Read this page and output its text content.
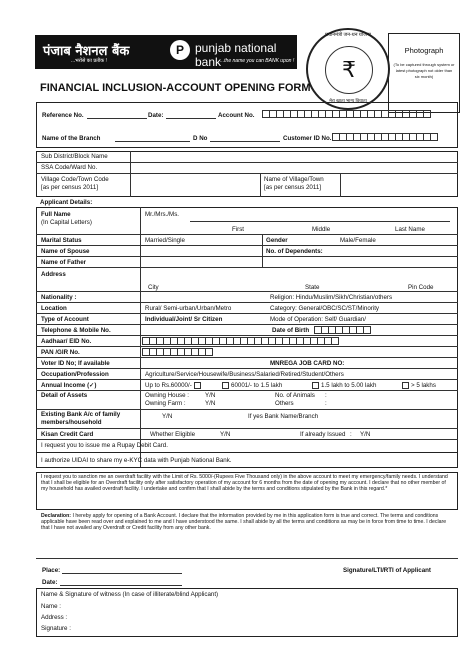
पंजाब नैशनल बैंक	P punjab national bank
...भरोसे का प्रतीक !	...the name you can BANK upon !
प्रधानमंत्री जन-धन योजना
₹
मेरा खाता भाग्य विधाता
Photograph
(To be captured through system or latest photograph not older than six month)
FINANCIAL INCLUSION-ACCOUNT OPENING FORM
Reference No.	Date:	Account No.
Name of the Branch	D No	Customer ID No.
Sub District/Block Name
SSA Code/Ward No.
Village Code/Town Code
[as per census 2011]
Name of Village/Town
[as per census 2011]
Applicant Details:
Full Name
(In Capital Letters)
Mr./Mrs./Ms.
First	Middle	Last Name
Marital Status	Married/Single	Gender	Male/Female
Name of Spouse	No. of Dependents:
Name of Father
Address
City	State	Pin Code
Nationality :	Religion: Hindu/Muslim/Sikh/Christian/others
Location	Rural/ Semi-urban/Urban/Metro	Category: General/OBC/SC/ST/Minority
Type of Account	Individual/Joint/ Sr Citizen	Mode of Operation: Self/ Guardian/
Telephone & Mobile No.	Date of Birth
Aadhaar/ EID No.
PAN /GIR No.
Voter ID No; If available	MNREGA JOB CARD NO:
Occupation/Profession	Agriculture/Service/Housewife/Business/Salaried/Retired/Student/Others
Annual Income (✓)	Up to Rs.60000/-	60001/- to 1.5 lakh	1.5 lakh to 5.00 lakh	> 5 lakhs
Detail of Assets	Owning House :	Y/N
Owning Farm :	Y/N
No. of Animals :
Others	:
Existing Bank A/c of family
members/household
Y/N	If yes Bank Name/Branch
Kisan Credit Card	Whether Eligible	Y/N	If already Issued : Y/N
I request you to issue me a Rupay Debit Card.
I authorize UIDAI to share my e-KYC data with Punjab National Bank.
I request you to sanction me an overdraft facility with the Limit of Rs. 5000/-(Rupees Five Thousand only) in the above account to meet my emergency/family needs. I understand that I shall be eligible for an Overdraft facility only after satisfactory operation of my account for 6 months from the date of opening my account. I declare that no other member of my household has availed overdraft facility. I undertake and confirm that I shall abide by the terms and conditions stipulated by the Bank in this regard.*
Declaration: I hereby apply for opening of a Bank Account. I declare that the information provided by me in this application form is true and correct. The terms and conditions applicable have been read over and explained to me and I have understood the same. I shall abide by all the terms and conditions as may be in force from time to time. I declare that I have not availed any Overdraft or Credit facility from any other bank.
Place:
Date:
Signature/LTI/RTI of Applicant
Name & Signature of witness (In case of illiterate/blind Applicant)
Name :
Address :
Signature :
